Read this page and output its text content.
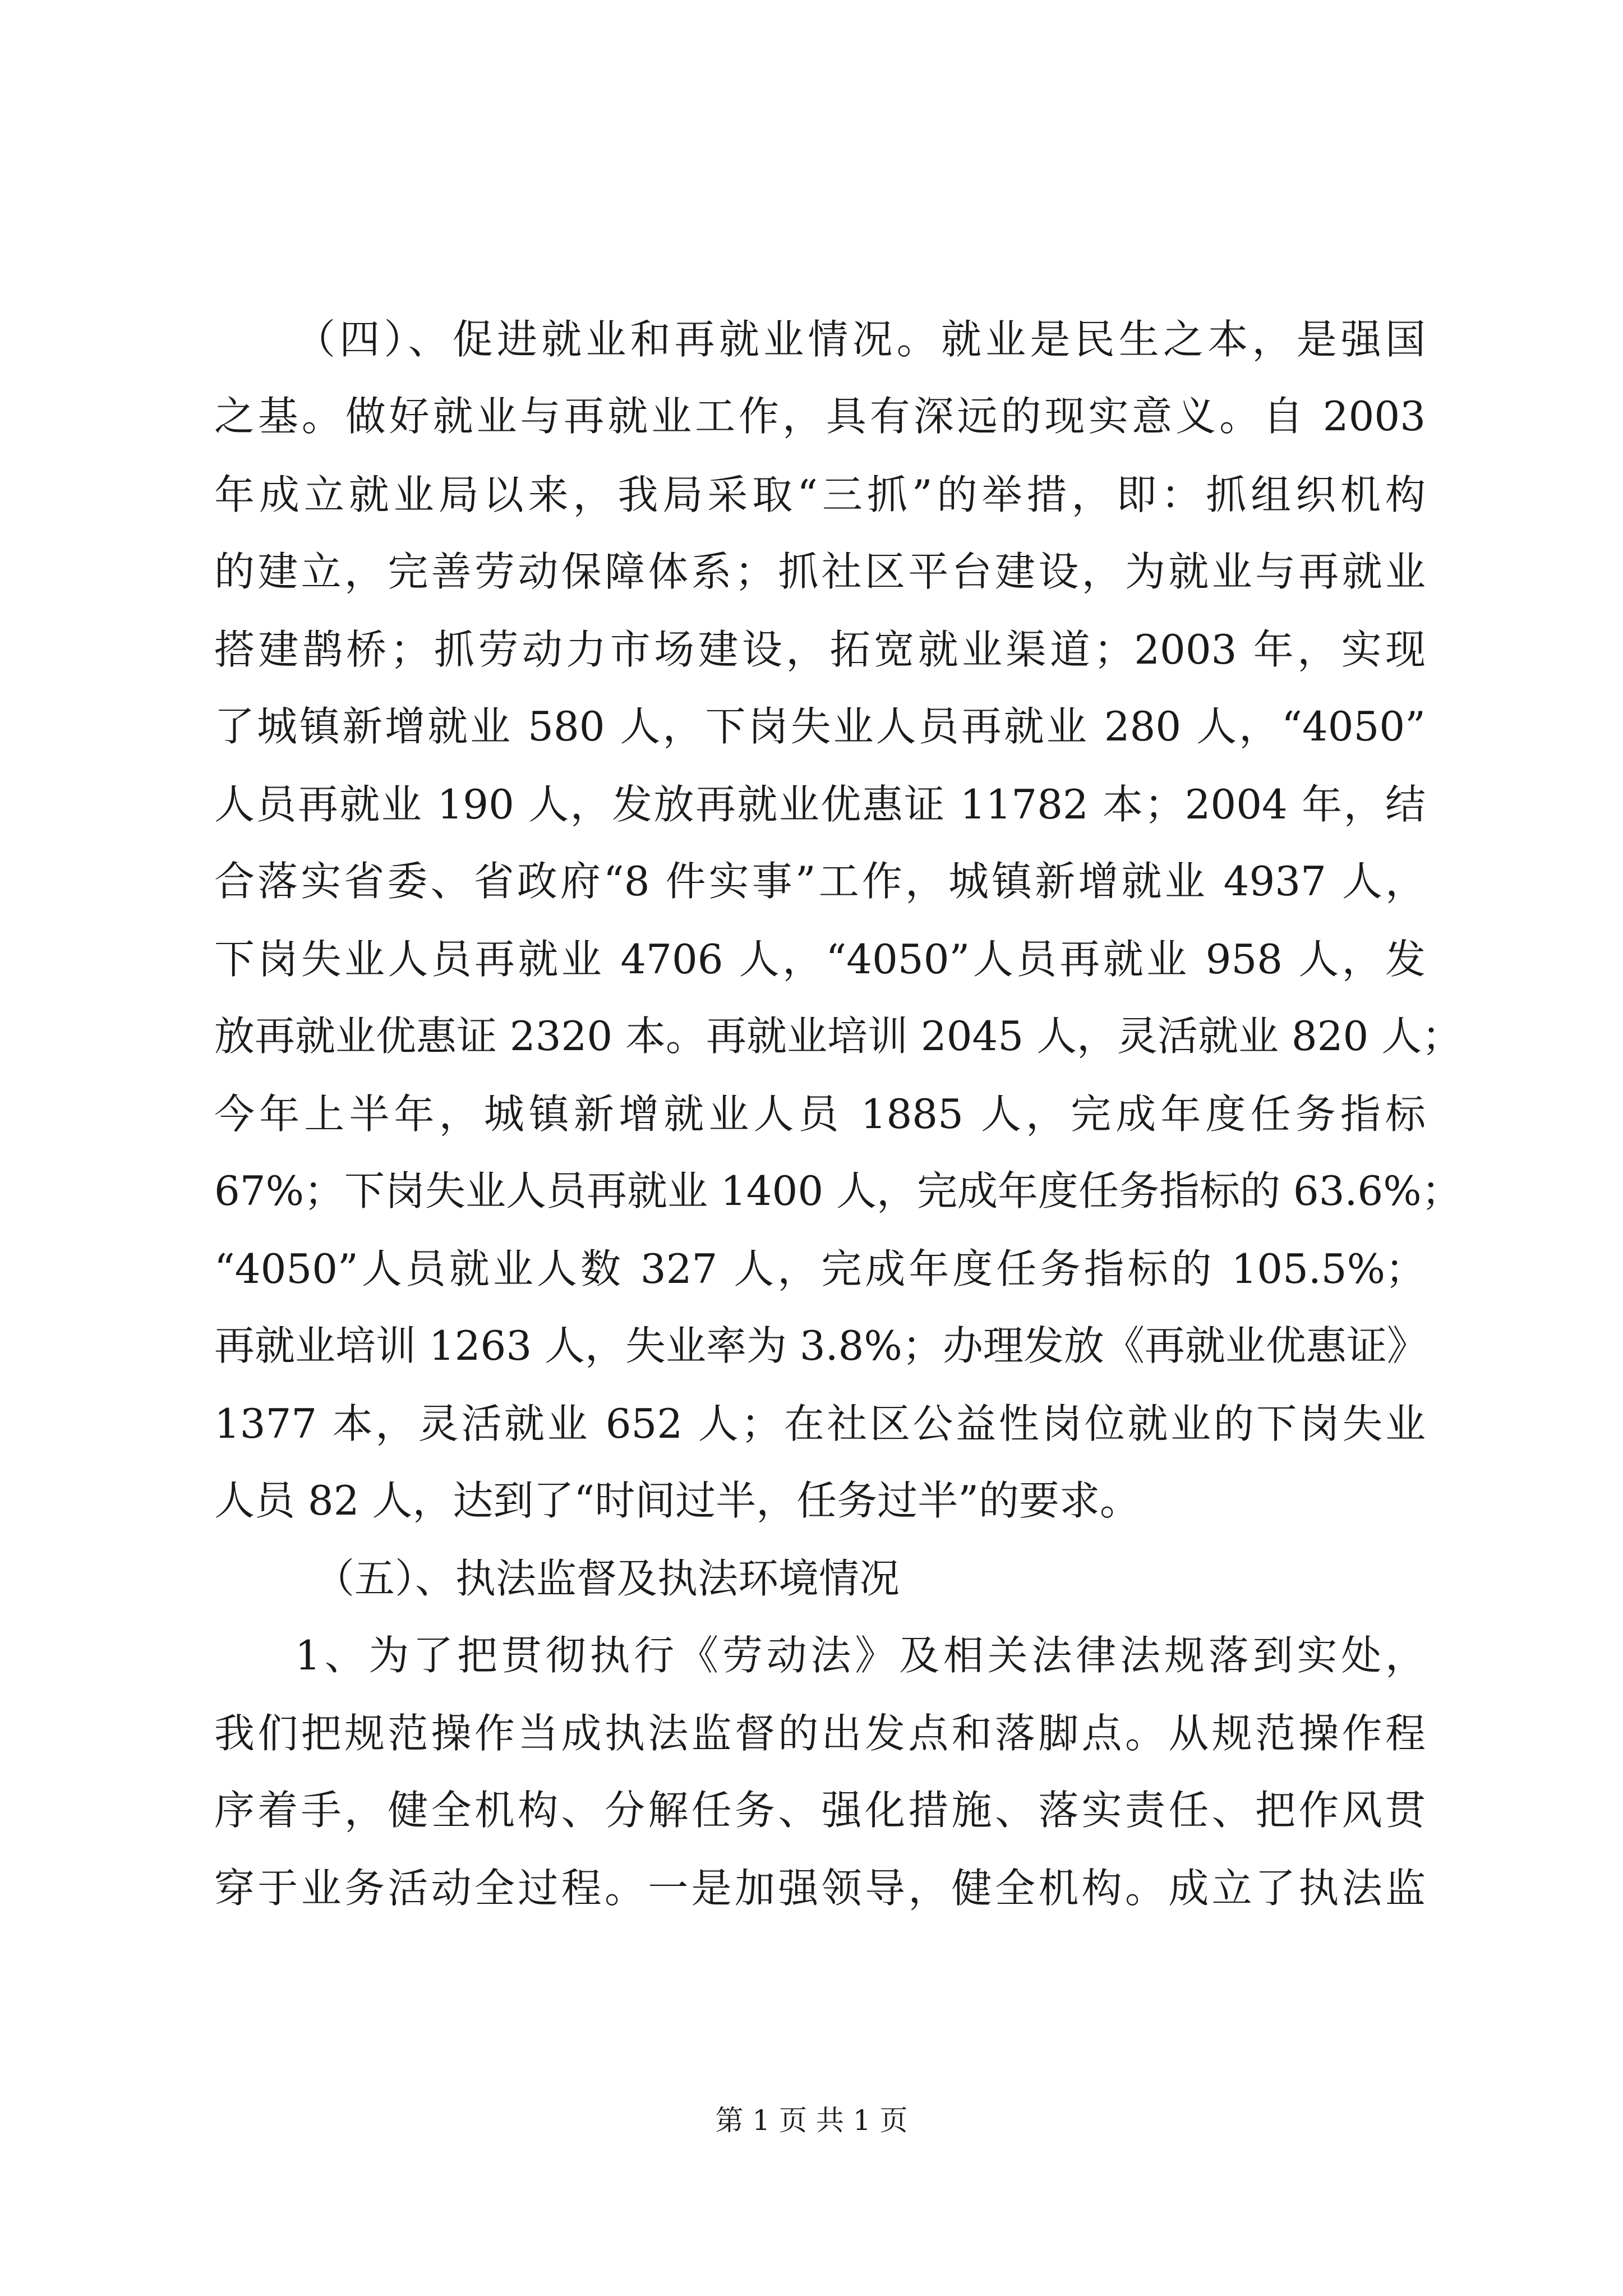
（四）、促进就业和再就业情况。就业是民生之本，是强国
之基。做好就业与再就业工作，具有深远的现实意义。自 2003
年成立就业局以来，我局采取“三抓”的举措，即：抓组织机构
的建立，完善劳动保障体系；抓社区平台建设，为就业与再就业
搭建鹊桥；抓劳动力市场建设，拓宽就业渠道；2003 年，实现
了城镇新增就业 580 人，下岗失业人员再就业 280 人，“4050”
人员再就业 190 人，发放再就业优惠证 11782 本；2004 年，结
合落实省委、省政府“8 件实事”工作，城镇新增就业 4937 人，
下岗失业人员再就业 4706 人，“4050”人员再就业 958 人，发
放再就业优惠证 2320 本。再就业培训 2045 人，灵活就业 820 人；
今年上半年，城镇新增就业人员 1885 人，完成年度任务指标
67%；下岗失业人员再就业 1400 人，完成年度任务指标的 63.6%；
“4050”人员就业人数 327 人，完成年度任务指标的 105.5%；
再就业培训 1263 人，失业率为 3.8%；办理发放《再就业优惠证》
1377 本，灵活就业 652 人；在社区公益性岗位就业的下岗失业
人员 82 人，达到了“时间过半，任务过半”的要求。
（五）、执法监督及执法环境情况
1、为了把贯彻执行《劳动法》及相关法律法规落到实处，
我们把规范操作当成执法监督的出发点和落脚点。从规范操作程
序着手，健全机构、分解任务、强化措施、落实责任、把作风贯
穿于业务活动全过程。一是加强领导，健全机构。成立了执法监
第 1 页 共 1 页
